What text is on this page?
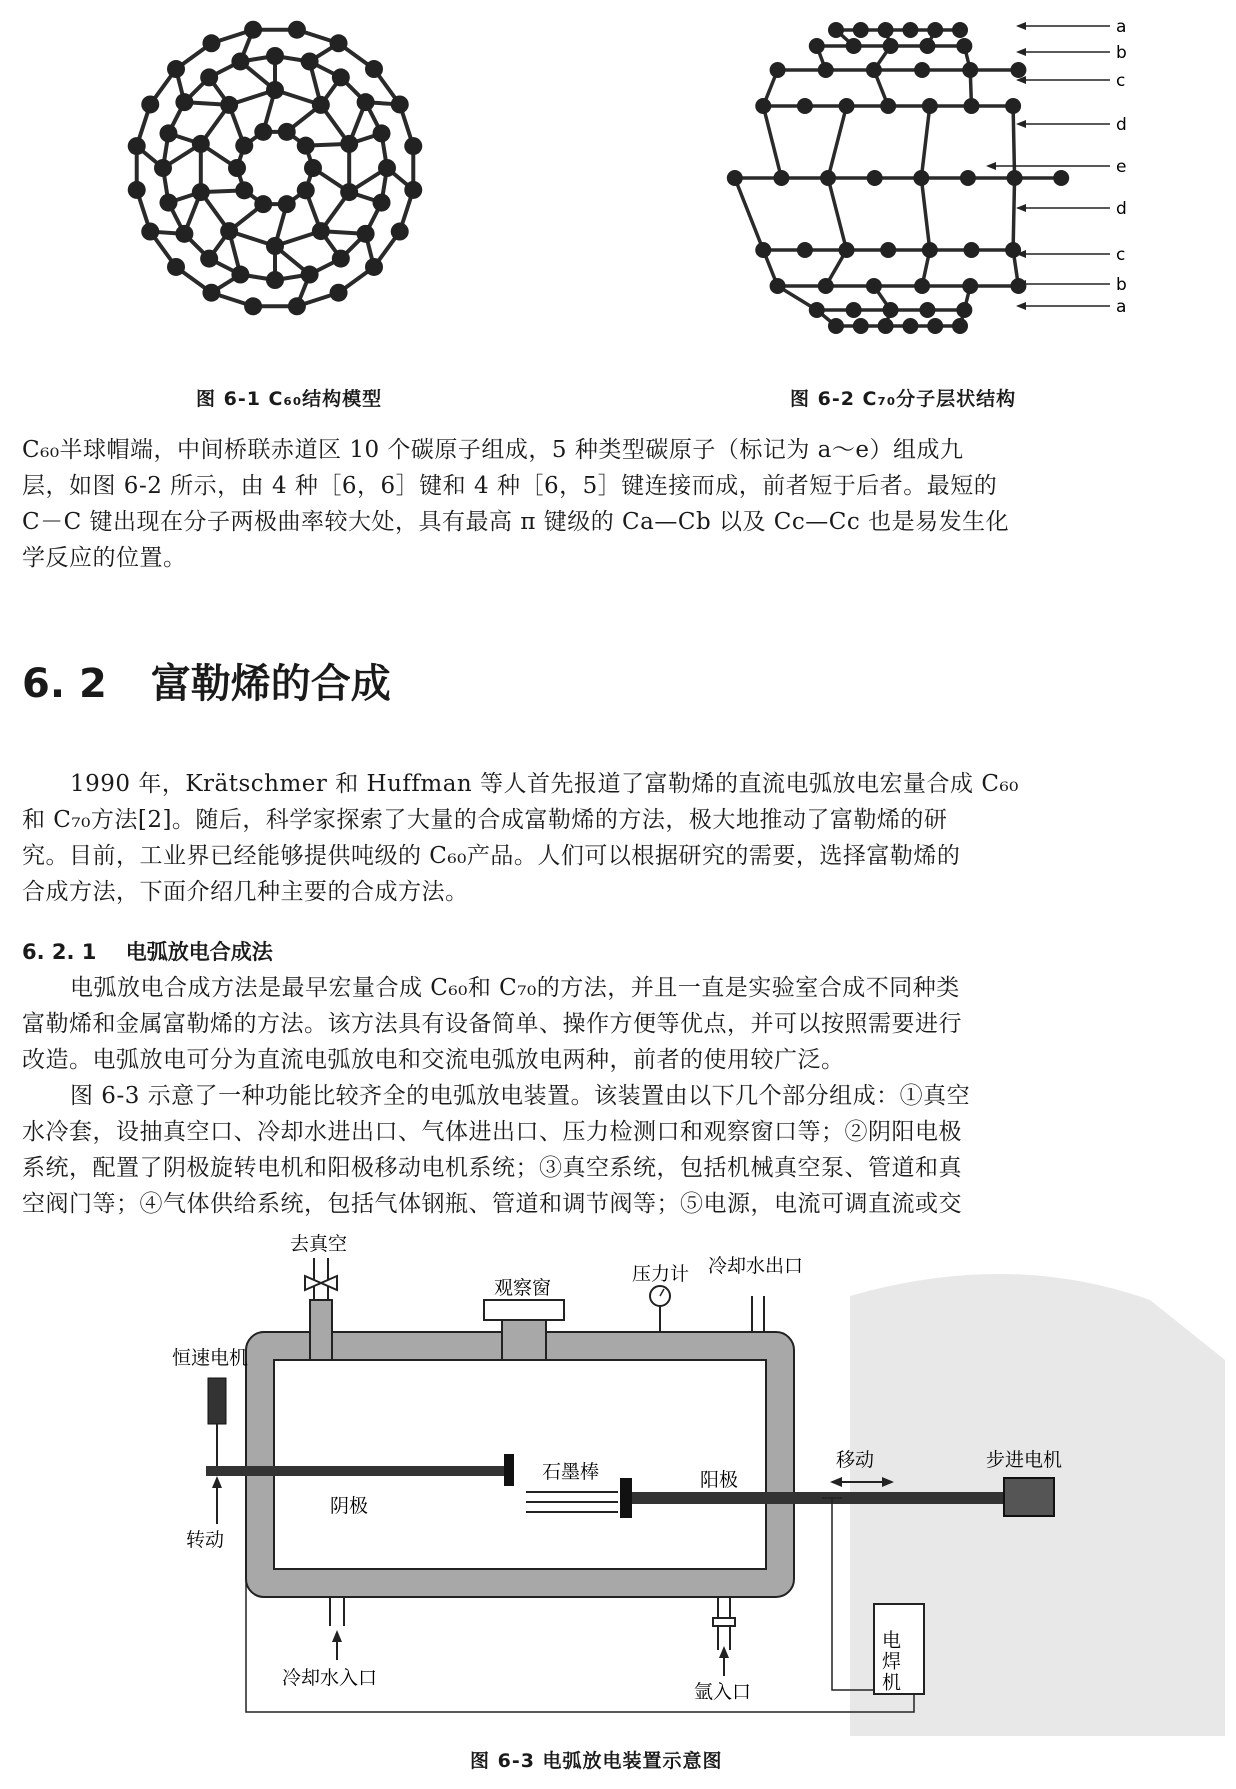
图 6-1 C₆₀结构模型
a
b
c
d
e
d
c
b
a
图 6-2 C₇₀分子层状结构
C₆₀半球帽端，中间桥联赤道区 10 个碳原子组成，5 种类型碳原子（标记为 a～e）组成九
层，如图 6-2 所示，由 4 种［6，6］键和 4 种［6，5］键连接而成，前者短于后者。最短的
C－C 键出现在分子两极曲率较大处，具有最高 π 键级的 Ca—Cb 以及 Cc—Cc 也是易发生化
学反应的位置。
6. 2 富勒烯的合成
1990 年，Krätschmer 和 Huffman 等人首先报道了富勒烯的直流电弧放电宏量合成 C₆₀
和 C₇₀方法[2]。随后，科学家探索了大量的合成富勒烯的方法，极大地推动了富勒烯的研
究。目前，工业界已经能够提供吨级的 C₆₀产品。人们可以根据研究的需要，选择富勒烯的
合成方法，下面介绍几种主要的合成方法。
6. 2. 1 电弧放电合成法
电弧放电合成方法是最早宏量合成 C₆₀和 C₇₀的方法，并且一直是实验室合成不同种类
富勒烯和金属富勒烯的方法。该方法具有设备简单、操作方便等优点，并可以按照需要进行
改造。电弧放电可分为直流电弧放电和交流电弧放电两种，前者的使用较广泛。
图 6-3 示意了一种功能比较齐全的电弧放电装置。该装置由以下几个部分组成：①真空
水冷套，设抽真空口、冷却水进出口、气体进出口、压力检测口和观察窗口等；②阴阳电极
系统，配置了阴极旋转电机和阳极移动电机系统；③真空系统，包括机械真空泵、管道和真
空阀门等；④气体供给系统，包括气体钢瓶、管道和调节阀等；⑤电源，电流可调直流或交
去真空
观察窗
压力计 冷却水出口
恒速电机
转动
阴极
石墨棒	阳极
移动	步进电机
冷却水入口
氩入口	电焊机
图 6-3 电弧放电装置示意图
